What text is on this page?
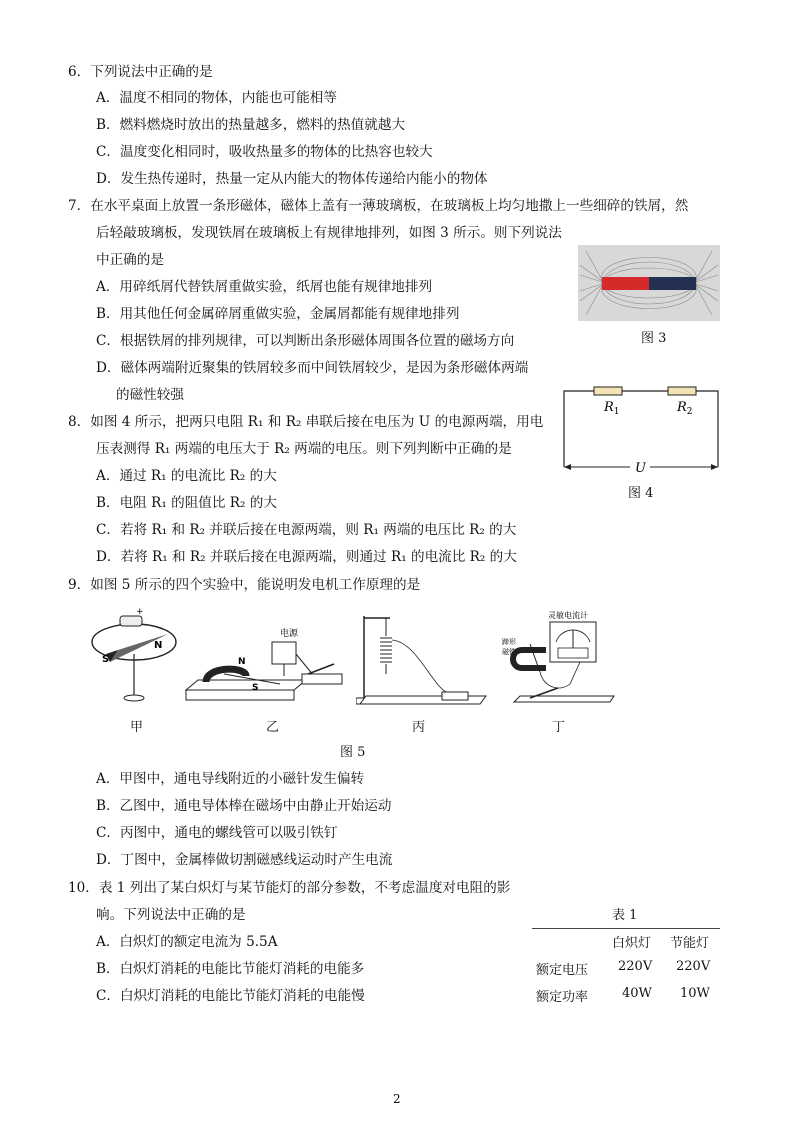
6．下列说法中正确的是
A．温度不相同的物体，内能也可能相等
B．燃料燃烧时放出的热量越多，燃料的热值就越大
C．温度变化相同时，吸收热量多的物体的比热容也较大
D．发生热传递时，热量一定从内能大的物体传递给内能小的物体
7．在水平桌面上放置一条形磁体，磁体上盖有一薄玻璃板，在玻璃板上均匀地撒上一些细碎的铁屑，然
后轻敲玻璃板，发现铁屑在玻璃板上有规律地排列，如图 3 所示。则下列说法
中正确的是
A．用碎纸屑代替铁屑重做实验，纸屑也能有规律地排列
B．用其他任何金属碎屑重做实验，金属屑都能有规律地排列
C．根据铁屑的排列规律，可以判断出条形磁体周围各位置的磁场方向
D．磁体两端附近聚集的铁屑较多而中间铁屑较少，是因为条形磁体两端
的磁性较强
图 3
8．如图 4 所示，把两只电阻 R₁ 和 R₂ 串联后接在电压为 U 的电源两端，用电
压表测得 R₁ 两端的电压大于 R₂ 两端的电压。则下列判断中正确的是
A．通过 R₁ 的电流比 R₂ 的大
B．电阻 R₁ 的阻值比 R₂ 的大
C．若将 R₁ 和 R₂ 并联后接在电源两端，则 R₁ 两端的电压比 R₂ 的大
D．若将 R₁ 和 R₂ 并联后接在电源两端，则通过 R₁ 的电流比 R₂ 的大
$R_1$	$R_2$
U
图 4
9．如图 5 所示的四个实验中，能说明发电机工作原理的是
+
N
S
电源
N
S
灵敏电流计
蹄形
磁铁
甲	乙	丙	丁
图 5
A．甲图中，通电导线附近的小磁针发生偏转
B．乙图中，通电导体棒在磁场中由静止开始运动
C．丙图中，通电的螺线管可以吸引铁钉
D．丁图中，金属棒做切割磁感线运动时产生电流
10．表 1 列出了某白炽灯与某节能灯的部分参数，不考虑温度对电阻的影
响。下列说法中正确的是
A．白炽灯的额定电流为 5.5A
B．白炽灯消耗的电能比节能灯消耗的电能多
C．白炽灯消耗的电能比节能灯消耗的电能慢
表 1
白炽灯 节能灯
额定电压 220V 220V
额定功率	40W 10W
2
